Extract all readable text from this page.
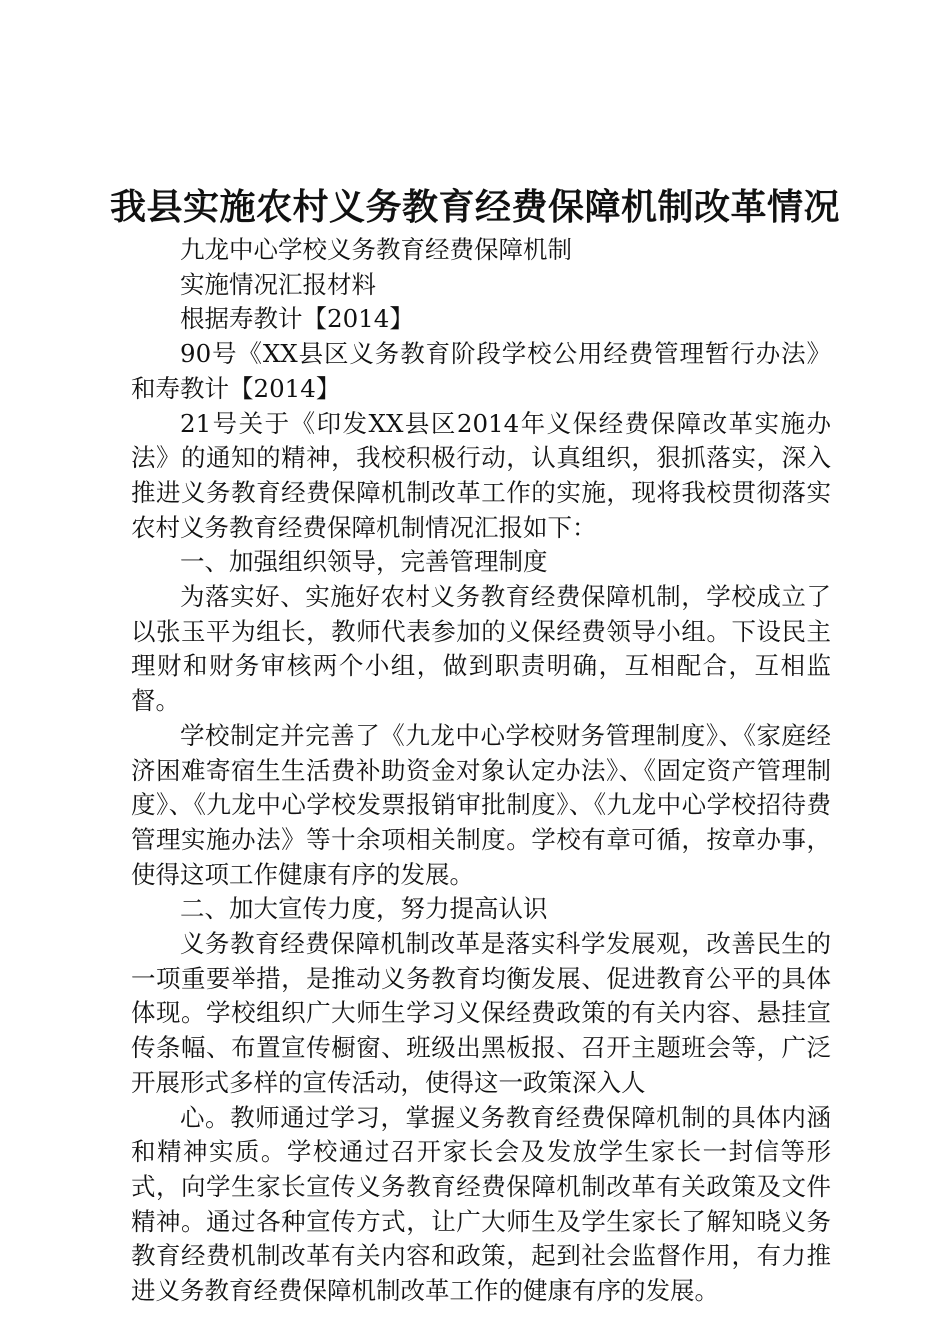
我县实施农村义务教育经费保障机制改革情况

九龙中心学校义务教育经费保障机制

实施情况汇报材料

根据寿教计【2014】

90号《XX县区义务教育阶段学校公用经费管理暂行办法》和寿教计【2014】

21号关于《印发XX县区2014年义保经费保障改革实施办法》的通知的精神，我校积极行动，认真组织，狠抓落实，深入推进义务教育经费保障机制改革工作的实施，现将我校贯彻落实农村义务教育经费保障机制情况汇报如下：

一、加强组织领导，完善管理制度

为落实好、实施好农村义务教育经费保障机制，学校成立了以张玉平为组长，教师代表参加的义保经费领导小组。下设民主理财和财务审核两个小组，做到职责明确，互相配合，互相监督。

学校制定并完善了《九龙中心学校财务管理制度》、《家庭经济困难寄宿生生活费补助资金对象认定办法》、《固定资产管理制度》、《九龙中心学校发票报销审批制度》、《九龙中心学校招待费管理实施办法》等十余项相关制度。学校有章可循，按章办事，使得这项工作健康有序的发展。

二、加大宣传力度，努力提高认识

义务教育经费保障机制改革是落实科学发展观，改善民生的一项重要举措，是推动义务教育均衡发展、促进教育公平的具体体现。学校组织广大师生学习义保经费政策的有关内容、悬挂宣传条幅、布置宣传橱窗、班级出黑板报、召开主题班会等，广泛开展形式多样的宣传活动，使得这一政策深入人

心。教师通过学习，掌握义务教育经费保障机制的具体内涵和精神实质。学校通过召开家长会及发放学生家长一封信等形式，向学生家长宣传义务教育经费保障机制改革有关政策及文件精神。通过各种宣传方式，让广大师生及学生家长了解知晓义务教育经费机制改革有关内容和政策，起到社会监督作用，有力推进义务教育经费保障机制改革工作的健康有序的发展。
